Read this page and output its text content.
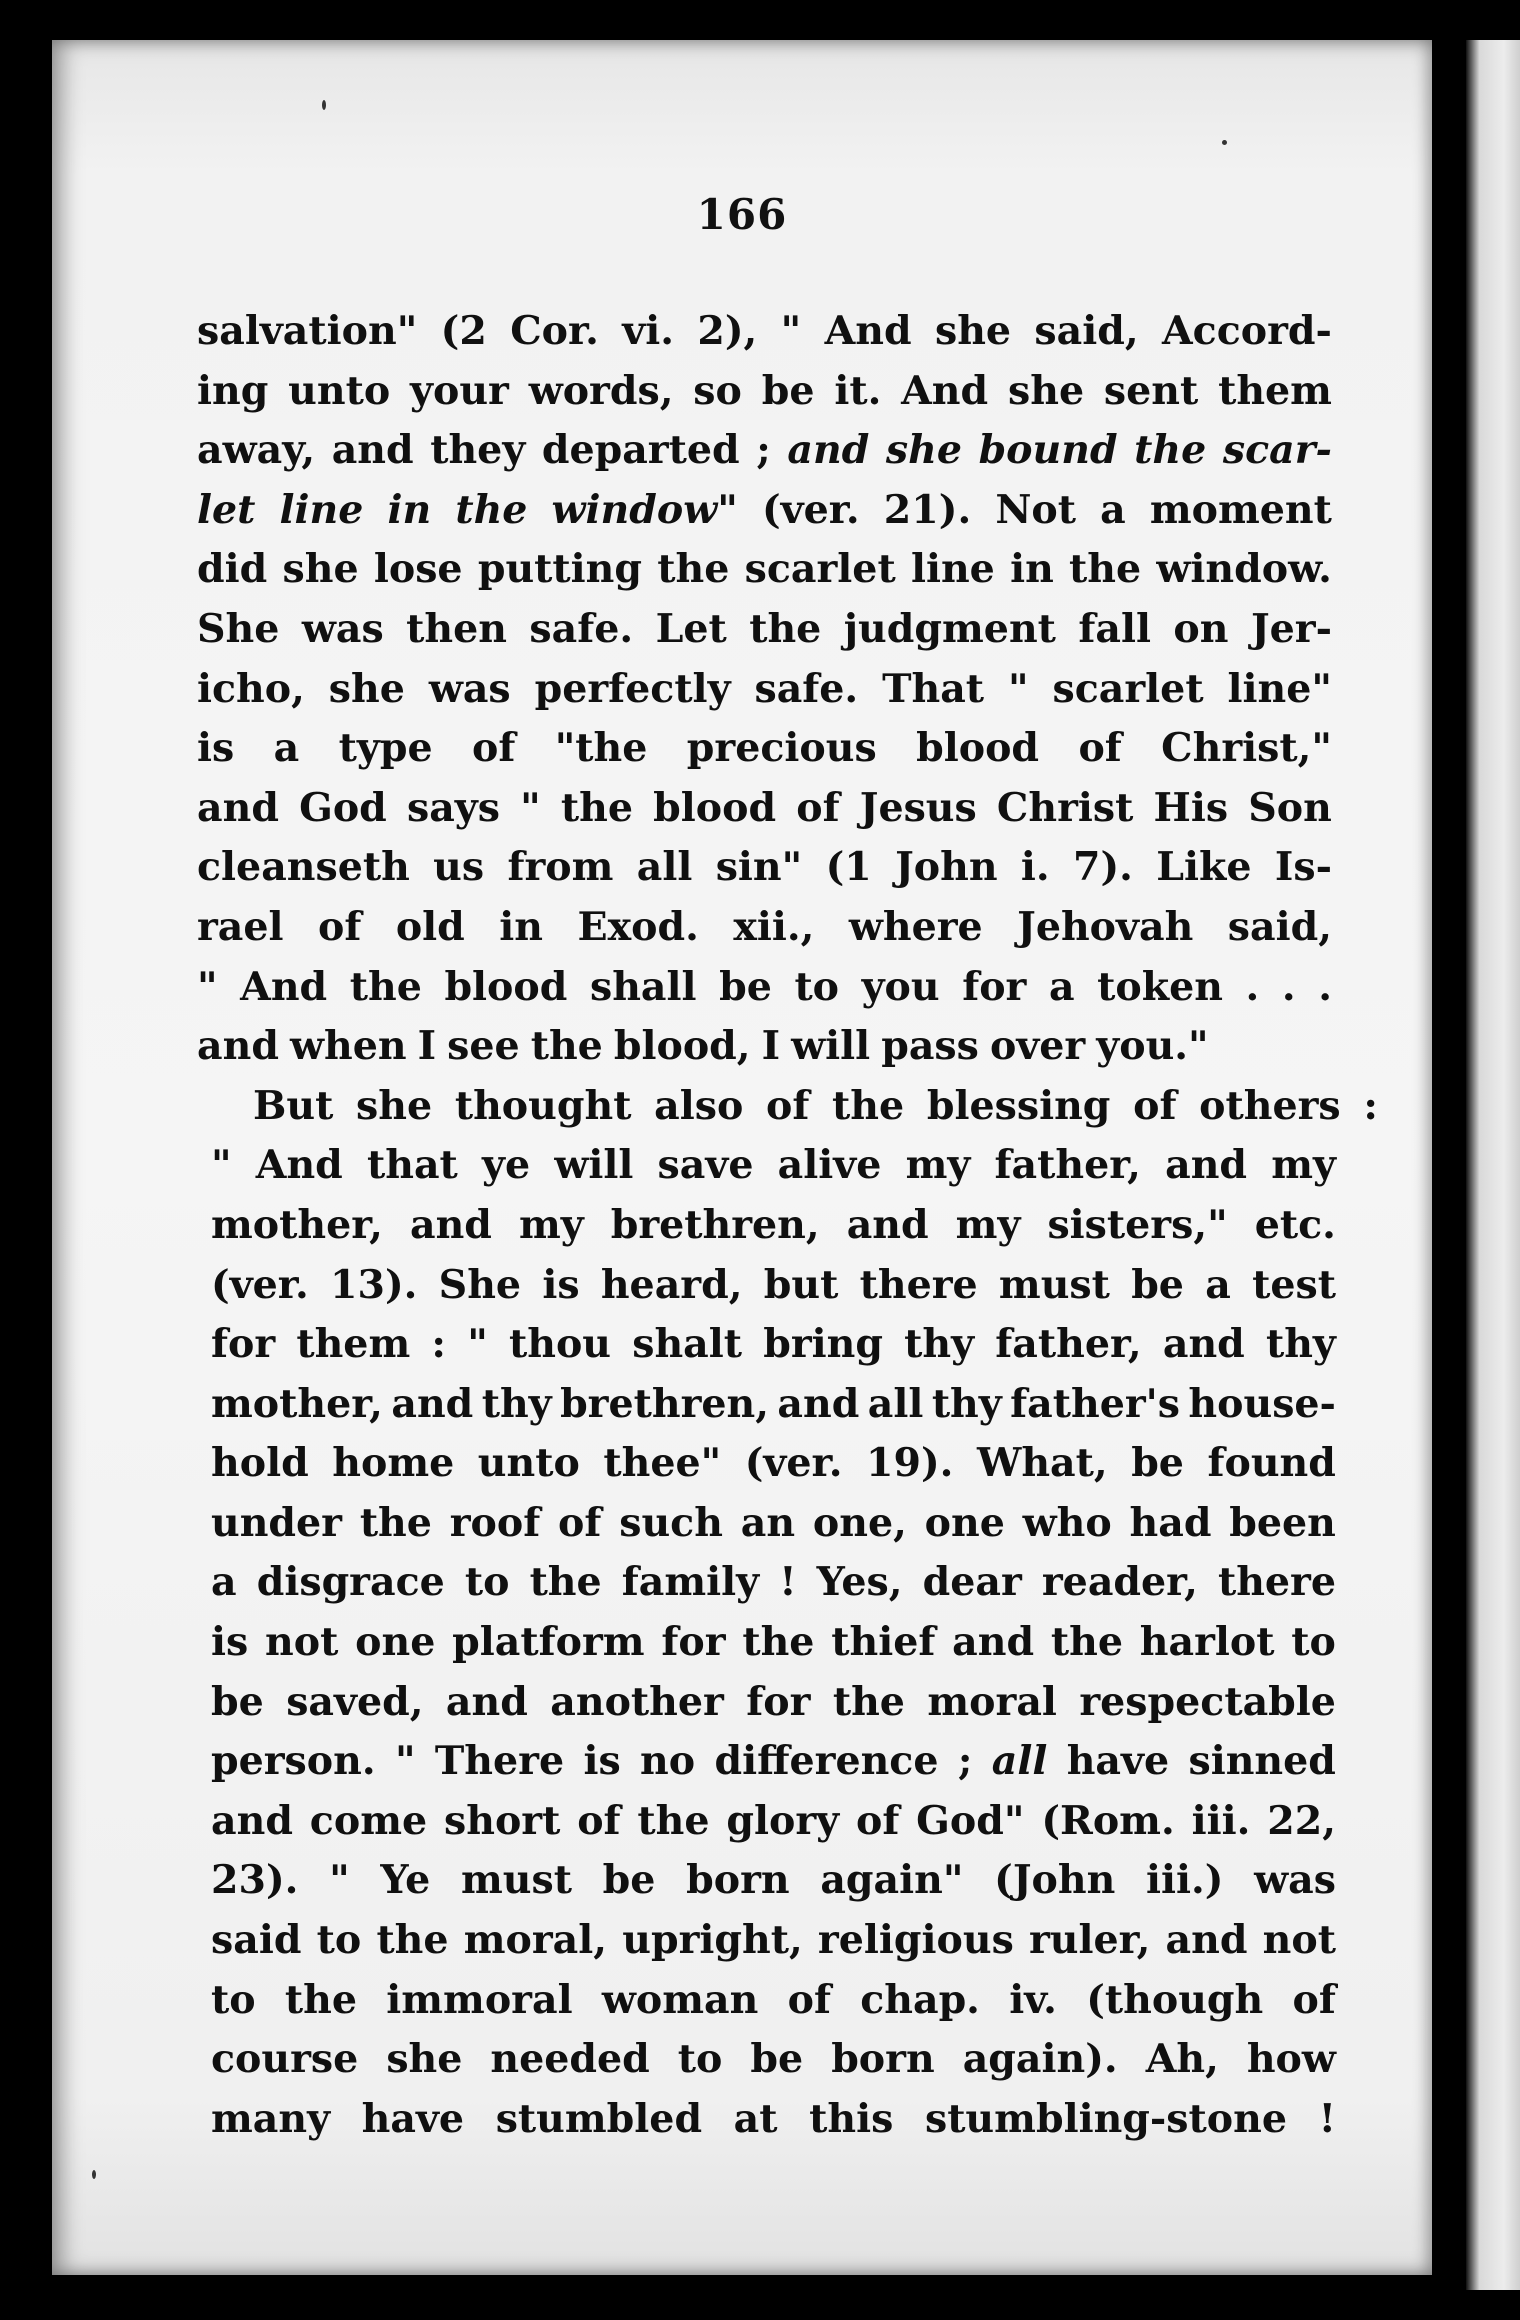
166
salvation" (2 Cor. vi. 2), " And she said, Accord-
ing unto your words, so be it. And she sent them
away, and they departed ; and she bound the scar-
let line in the window" (ver. 21). Not a moment
did she lose putting the scarlet line in the window.
She was then safe. Let the judgment fall on Jer-
icho, she was perfectly safe. That " scarlet line"
is a type of "the precious blood of Christ,"
and God says " the blood of Jesus Christ His Son
cleanseth us from all sin" (1 John i. 7). Like Is-
rael of old in Exod. xii., where Jehovah said,
" And the blood shall be to you for a token . . .
and when I see the blood, I will pass over you."
But she thought also of the blessing of others :
" And that ye will save alive my father, and my
mother, and my brethren, and my sisters," etc.
(ver. 13). She is heard, but there must be a test
for them : " thou shalt bring thy father, and thy
mother, and thy brethren, and all thy father's house-
hold home unto thee" (ver. 19). What, be found
under the roof of such an one, one who had been
a disgrace to the family ! Yes, dear reader, there
is not one platform for the thief and the harlot to
be saved, and another for the moral respectable
person. " There is no difference ; all have sinned
and come short of the glory of God" (Rom. iii. 22,
23). " Ye must be born again" (John iii.) was
said to the moral, upright, religious ruler, and not
to the immoral woman of chap. iv. (though of
course she needed to be born again). Ah, how
many have stumbled at this stumbling-stone !
